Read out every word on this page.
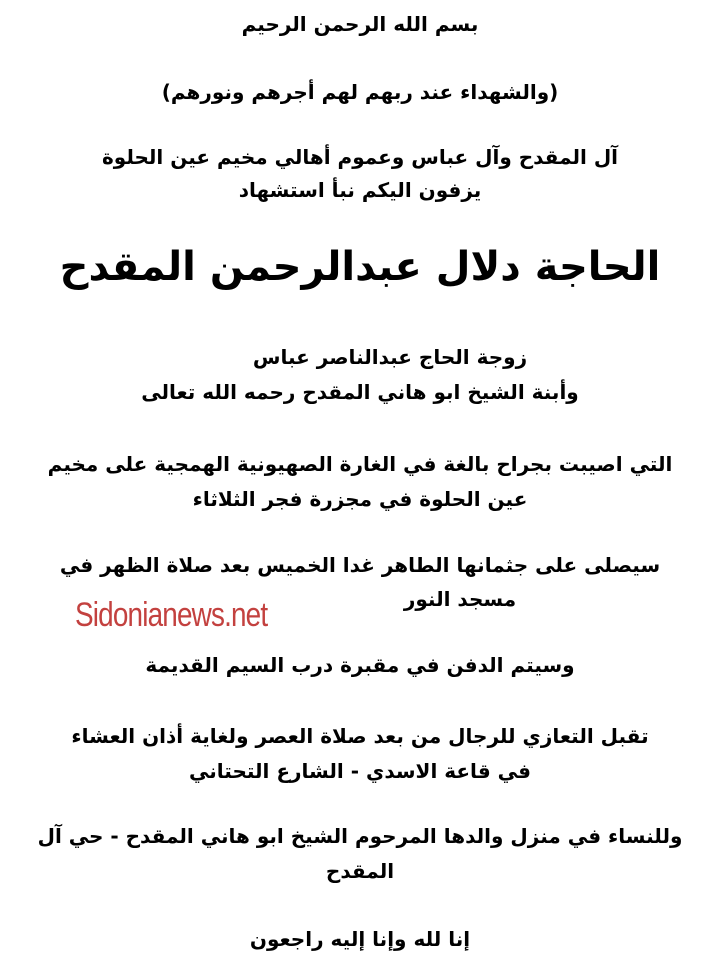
بسم الله الرحمن الرحيم
(والشهداء عند ربهم لهم أجرهم ونورهم)
آل المقدح وآل عباس وعموم أهالي مخيم عين الحلوة
يزفون اليكم نبأ استشهاد
الحاجة دلال عبدالرحمن المقدح
زوجة الحاج عبدالناصر عباس
وأبنة الشيخ ابو هاني المقدح رحمه الله تعالى
التي اصيبت بجراح بالغة في الغارة الصهيونية الهمجية على مخيم
عين الحلوة في مجزرة فجر الثلاثاء
سيصلى على جثمانها الطاهر غدا الخميس بعد صلاة الظهر في
مسجد النور
Sidonianews.net
وسيتم الدفن في مقبرة درب السيم القديمة
تقبل التعازي للرجال من بعد صلاة العصر ولغاية أذان العشاء
في قاعة الاسدي - الشارع التحتاني
وللنساء في منزل والدها المرحوم الشيخ ابو هاني المقدح - حي آل
المقدح
إنا لله وإنا إليه راجعون
